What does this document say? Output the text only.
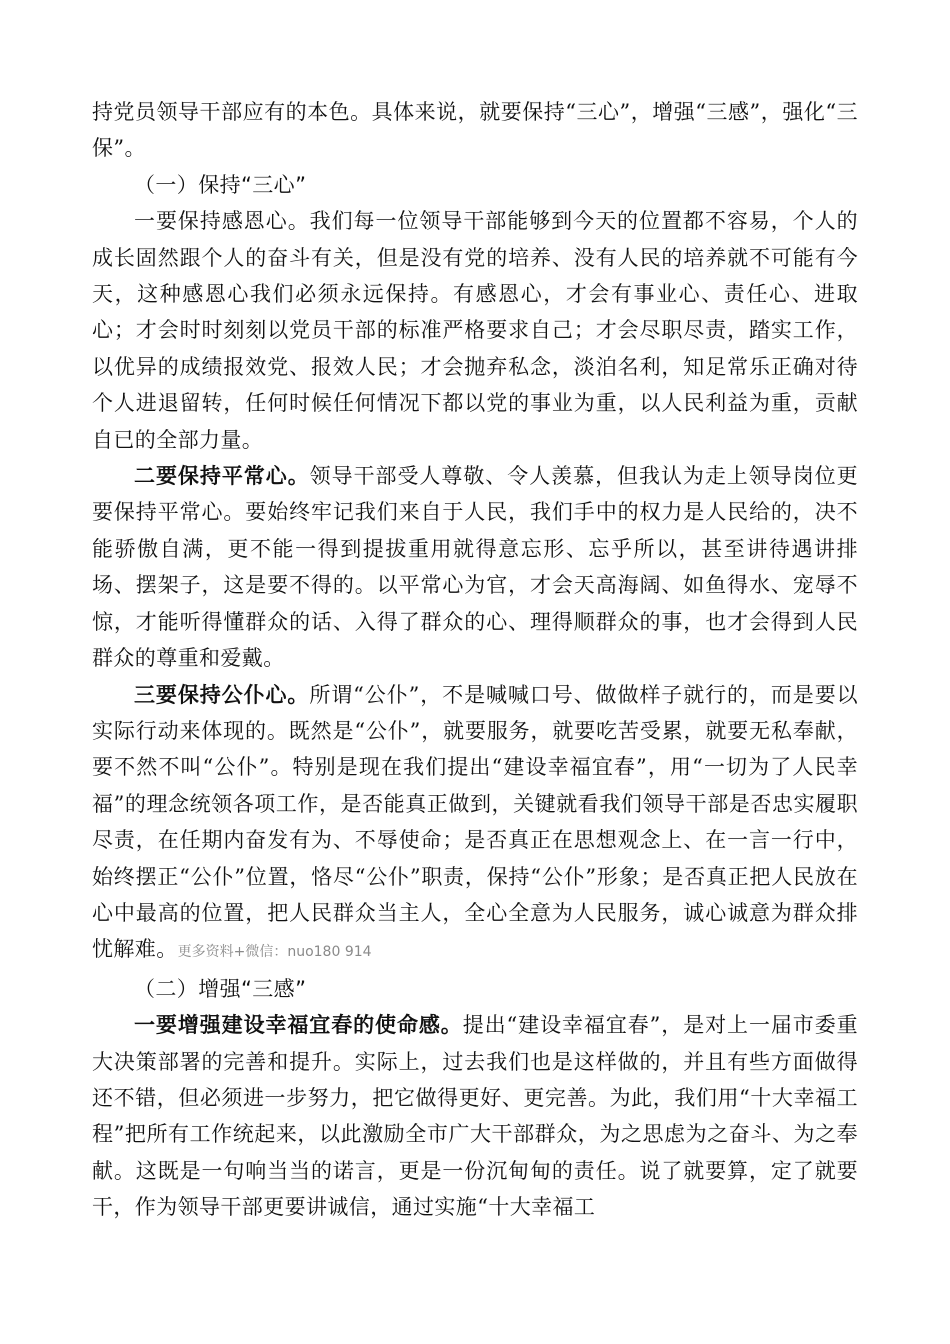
持党员领导干部应有的本色。具体来说，就要保持“三心”，增强“三感”，强化“三保”。

（一）保持“三心”

一要保持感恩心。我们每一位领导干部能够到今天的位置都不容易，个人的成长固然跟个人的奋斗有关，但是没有党的培养、没有人民的培养就不可能有今天，这种感恩心我们必须永远保持。有感恩心，才会有事业心、责任心、进取心；才会时时刻刻以党员干部的标准严格要求自己；才会尽职尽责，踏实工作，以优异的成绩报效党、报效人民；才会抛弃私念，淡泊名利，知足常乐正确对待个人进退留转，任何时候任何情况下都以党的事业为重，以人民利益为重，贡献自已的全部力量。

二要保持平常心。领导干部受人尊敬、令人羡慕，但我认为走上领导岗位更要保持平常心。要始终牢记我们来自于人民，我们手中的权力是人民给的，决不能骄傲自满，更不能一得到提拔重用就得意忘形、忘乎所以，甚至讲待遇讲排场、摆架子，这是要不得的。以平常心为官，才会天高海阔、如鱼得水、宠辱不惊，才能听得懂群众的话、入得了群众的心、理得顺群众的事，也才会得到人民群众的尊重和爱戴。

三要保持公仆心。所谓“公仆”，不是喊喊口号、做做样子就行的，而是要以实际行动来体现的。既然是“公仆”，就要服务，就要吃苦受累，就要无私奉献，要不然不叫“公仆”。特别是现在我们提出“建设幸福宜春”，用“一切为了人民幸福”的理念统领各项工作，是否能真正做到，关键就看我们领导干部是否忠实履职尽责，在任期内奋发有为、不辱使命；是否真正在思想观念上、在一言一行中，始终摆正“公仆”位置，恪尽“公仆”职责，保持“公仆”形象；是否真正把人民放在心中最高的位置，把人民群众当主人，全心全意为人民服务，诚心诚意为群众排忧解难。更多资料+微信：nuo180 914

（二）增强“三感”

一要增强建设幸福宜春的使命感。提出“建设幸福宜春”，是对上一届市委重大决策部署的完善和提升。实际上，过去我们也是这样做的，并且有些方面做得还不错，但必须进一步努力，把它做得更好、更完善。为此，我们用“十大幸福工程”把所有工作统起来，以此激励全市广大干部群众，为之思虑为之奋斗、为之奉献。这既是一句响当当的诺言，更是一份沉甸甸的责任。说了就要算，定了就要干，作为领导干部更要讲诚信，通过实施“十大幸福工
